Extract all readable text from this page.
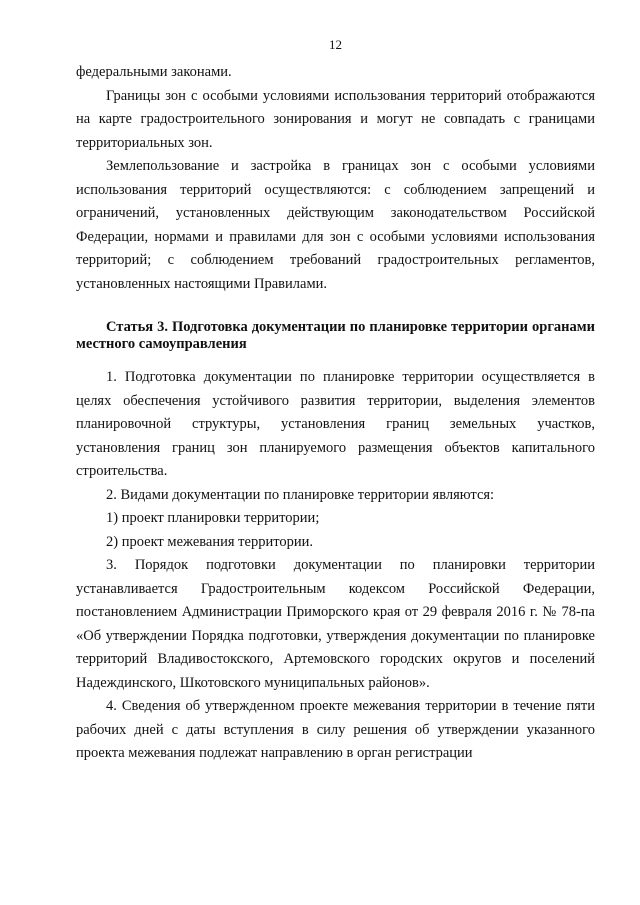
12

федеральными законами.

Границы зон с особыми условиями использования территорий отображаются на карте градостроительного зонирования и могут не совпадать с границами территориальных зон.

Землепользование и застройка в границах зон с особыми условиями использования территорий осуществляются: с соблюдением запрещений и ограничений, установленных действующим законодательством Российской Федерации, нормами и правилами для зон с особыми условиями использования территорий; с соблюдением требований градостроительных регламентов, установленных настоящими Правилами.

Статья 3. Подготовка документации по планировке территории органами местного самоуправления

1. Подготовка документации по планировке территории осуществляется в целях обеспечения устойчивого развития территории, выделения элементов планировочной структуры, установления границ земельных участков, установления границ зон планируемого размещения объектов капитального строительства.

2. Видами документации по планировке территории являются:

1) проект планировки территории;

2) проект межевания территории.

3. Порядок подготовки документации по планировки территории устанавливается Градостроительным кодексом Российской Федерации, постановлением Администрации Приморского края от 29 февраля 2016 г. № 78-па «Об утверждении Порядка подготовки, утверждения документации по планировке территорий Владивостокского, Артемовского городских округов и поселений Надеждинского, Шкотовского муниципальных районов».

4. Сведения об утвержденном проекте межевания территории в течение пяти рабочих дней с даты вступления в силу решения об утверждении указанного проекта межевания подлежат направлению в орган регистрации
